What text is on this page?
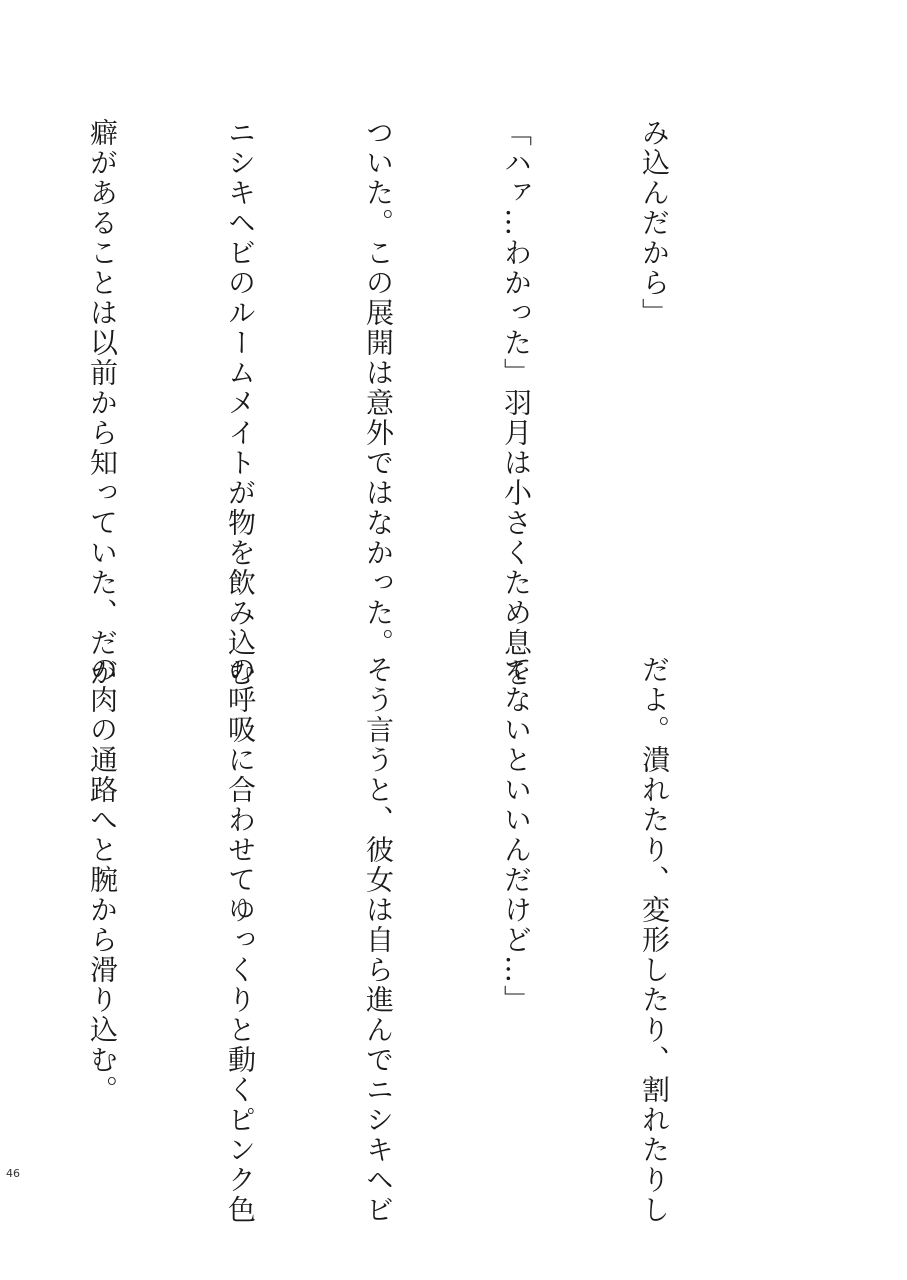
み込んだから」

「ハァ…わかった」羽月は小さくため息を

ついた。この展開は意外ではなかった。

ニシキヘビのルームメイトが物を飲み込む

癖があることは以前から知っていた、だが

だよ。潰れたり、変形したり、割れたりし

てないといいんだけど…」

そう言うと、彼女は自ら進んでニシキヘビ

の呼吸に合わせてゆっくりと動くピンク色

の肉の通路へと腕から滑り込む。

46
